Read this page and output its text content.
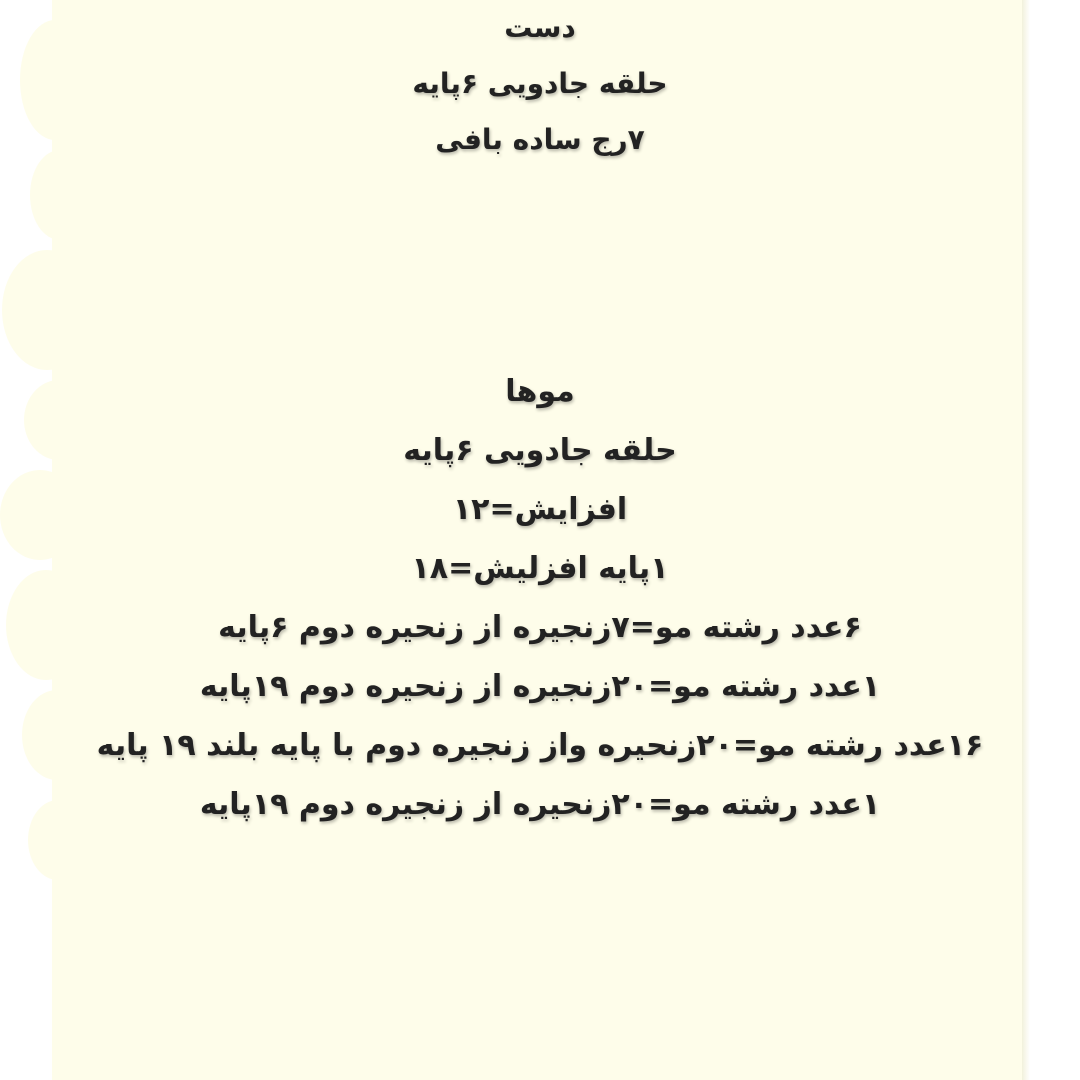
دست
حلقه جادویی ۶پایه
۷رج ساده بافی
موها
حلقه جادویی ۶پایه
افزایش=۱۲
۱پایه افزلیش=۱۸
۶عدد رشته مو=۷زنجیره از زنحیره دوم ۶پایه
۱عدد رشته مو=۲۰زنجیره از زنحیره دوم ۱۹پایه
۱۶عدد رشته مو=۲۰زنحیره واز زنجیره دوم با پایه بلند ۱۹ پایه
۱عدد رشته مو=۲۰زنحیره از زنجیره دوم ۱۹پایه
